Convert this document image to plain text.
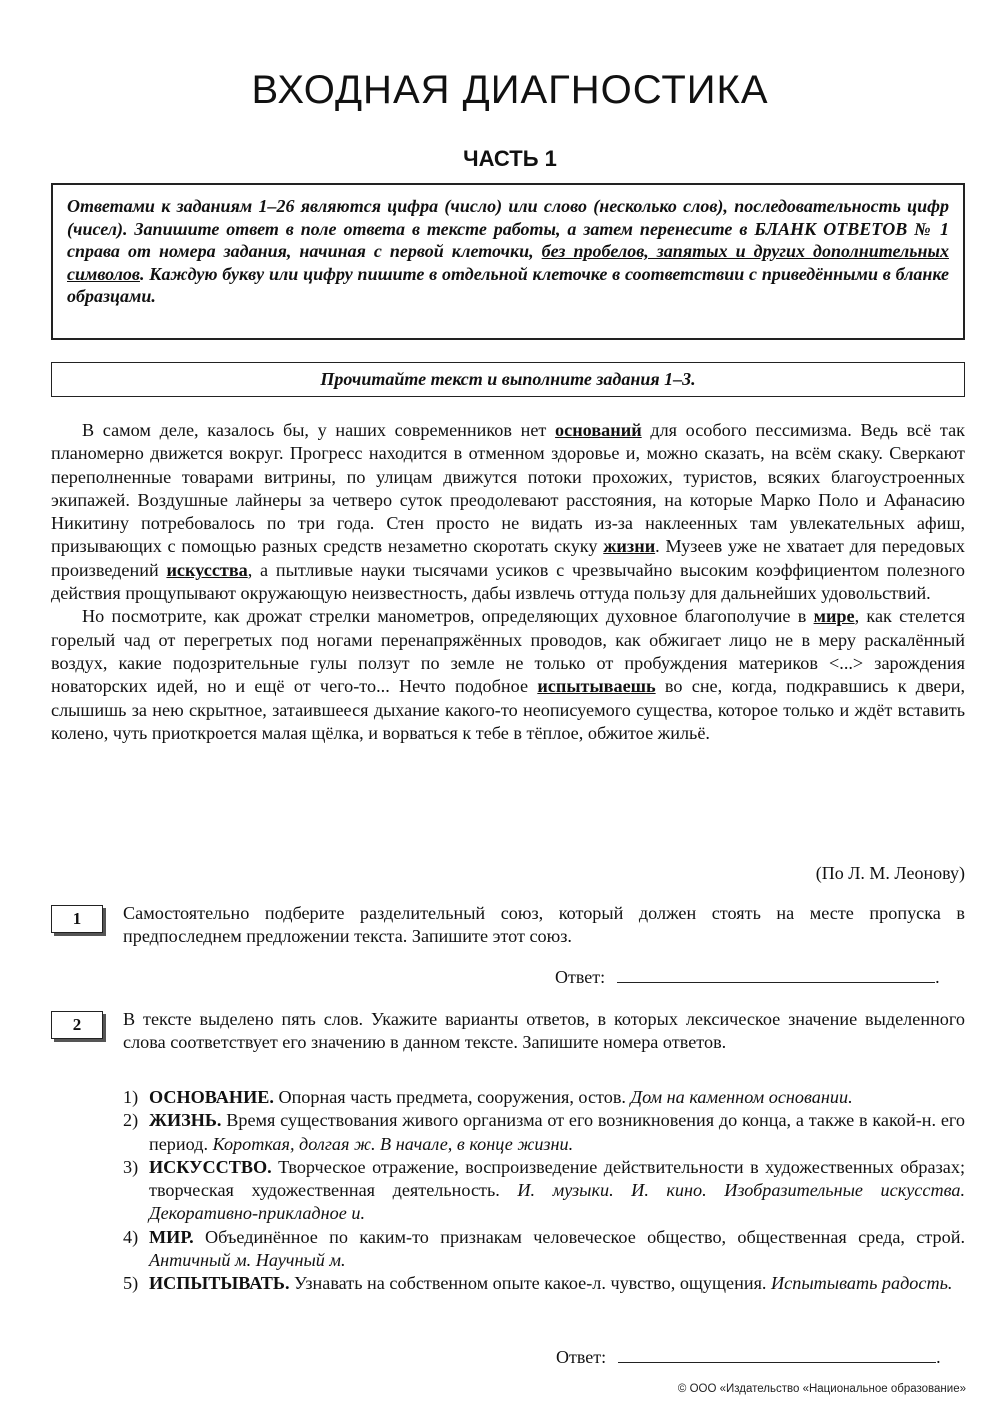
ВХОДНАЯ ДИАГНОСТИКА
ЧАСТЬ 1
Ответами к заданиям 1–26 являются цифра (число) или слово (несколько слов), последовательность цифр (чисел). Запишите ответ в поле ответа в тексте работы, а затем перенесите в БЛАНК ОТВЕТОВ № 1 справа от номера задания, начиная с первой клеточки, без пробелов, запятых и других дополнительных символов. Каждую букву или цифру пишите в отдельной клеточке в соответствии с приведёнными в бланке образцами.
Прочитайте текст и выполните задания 1–3.

В самом деле, казалось бы, у наших современников нет оснований для особого пессимизма. Ведь всё так планомерно движется вокруг. Прогресс находится в отменном здоровье и, можно сказать, на всём скаку. Сверкают переполненные товарами витрины, по улицам движутся потоки прохожих, туристов, всяких благоустроенных экипажей. Воздушные лайнеры за четверо суток преодолевают расстояния, на которые Марко Поло и Афанасию Никитину потребовалось по три года. Стен просто не видать из-за наклеенных там увлекательных афиш, призывающих с помощью разных средств незаметно скоротать скуку жизни. Музеев уже не хватает для передовых произведений искусства, а пытливые науки тысячами усиков с чрезвычайно высоким коэффициентом полезного действия прощупывают окружающую неизвестность, дабы извлечь оттуда пользу для дальнейших удовольствий.

Но посмотрите, как дрожат стрелки манометров, определяющих духовное благополучие в мире, как стелется горелый чад от перегретых под ногами перенапряжённых проводов, как обжигает лицо не в меру раскалённый воздух, какие подозрительные гулы ползут по земле не только от пробуждения материков <...> зарождения новаторских идей, но и ещё от чего-то... Нечто подобное испытываешь во сне, когда, подкравшись к двери, слышишь за нею скрытное, затаившееся дыхание какого-то неописуемого существа, которое только и ждёт вставить колено, чуть приоткроется малая щёлка, и ворваться к тебе в тёплое, обжитое жильё.

(По Л. М. Леонову)
1	Самостоятельно подберите разделительный союз, который должен стоять на месте пропуска в предпоследнем предложении текста. Запишите этот союз.
Ответ:	.
2	В тексте выделено пять слов. Укажите варианты ответов, в которых лексическое значение выделенного слова соответствует его значению в данном тексте. Запишите номера ответов.
1) ОСНОВАНИЕ. Опорная часть предмета, сооружения, остов. Дом на каменном основании.
2) ЖИЗНЬ. Время существования живого организма от его возникновения до конца, а также в какой-н. его период. Короткая, долгая ж. В начале, в конце жизни.
3) ИСКУССТВО. Творческое отражение, воспроизведение действительности в художественных образах; творческая художественная деятельность. И. музыки. И. кино. Изобразительные искусства. Декоративно-прикладное и.
4) МИР. Объединённое по каким-то признакам человеческое общество, общественная среда, строй. Античный м. Научный м.
5) ИСПЫТЫВАТЬ. Узнавать на собственном опыте какое-л. чувство, ощущения. Испытывать радость.
Ответ:	.
© ООО «Издательство «Национальное образование»
